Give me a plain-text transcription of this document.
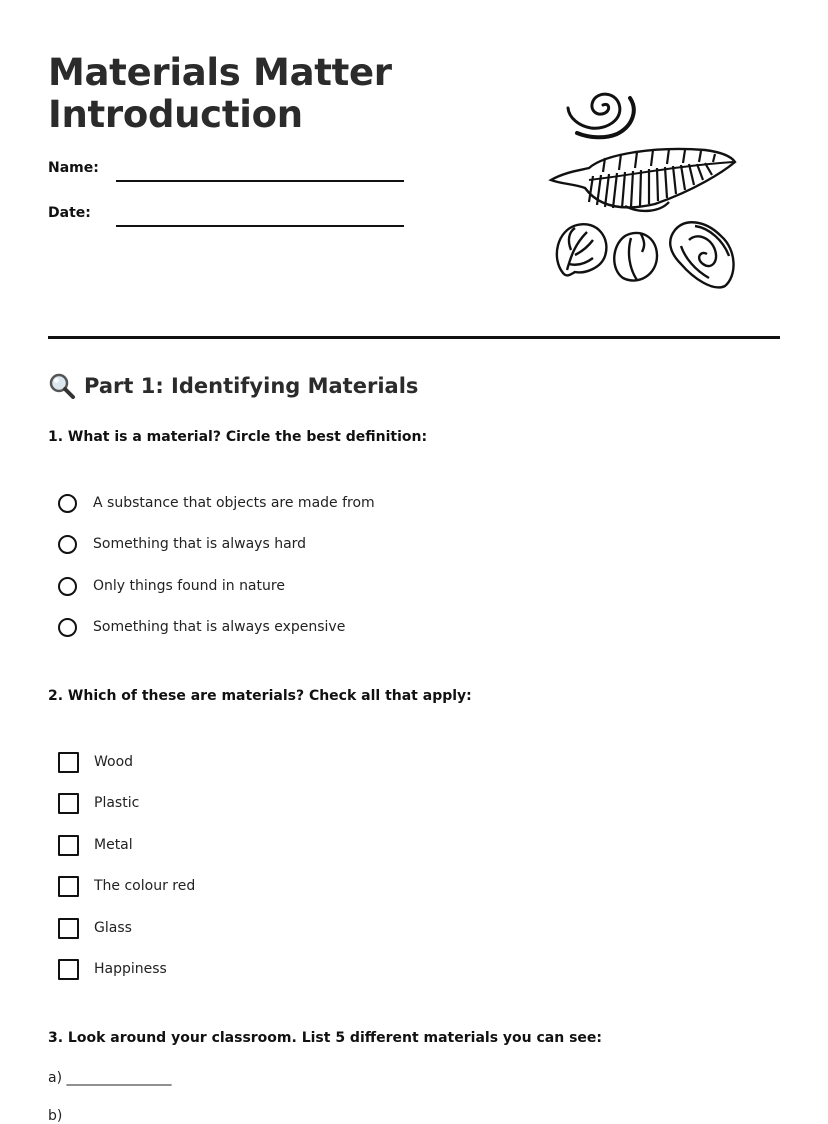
Materials Matter
Introduction
Name:
Date:
Part 1: Identifying Materials
1. What is a material? Circle the best definition:
A substance that objects are made from
Something that is always hard
Only things found in nature
Something that is always expensive
2. Which of these are materials? Check all that apply:
Wood
Plastic
Metal
The colour red
Glass
Happiness
3. Look around your classroom. List 5 different materials you can see:
a) _______________
b)
